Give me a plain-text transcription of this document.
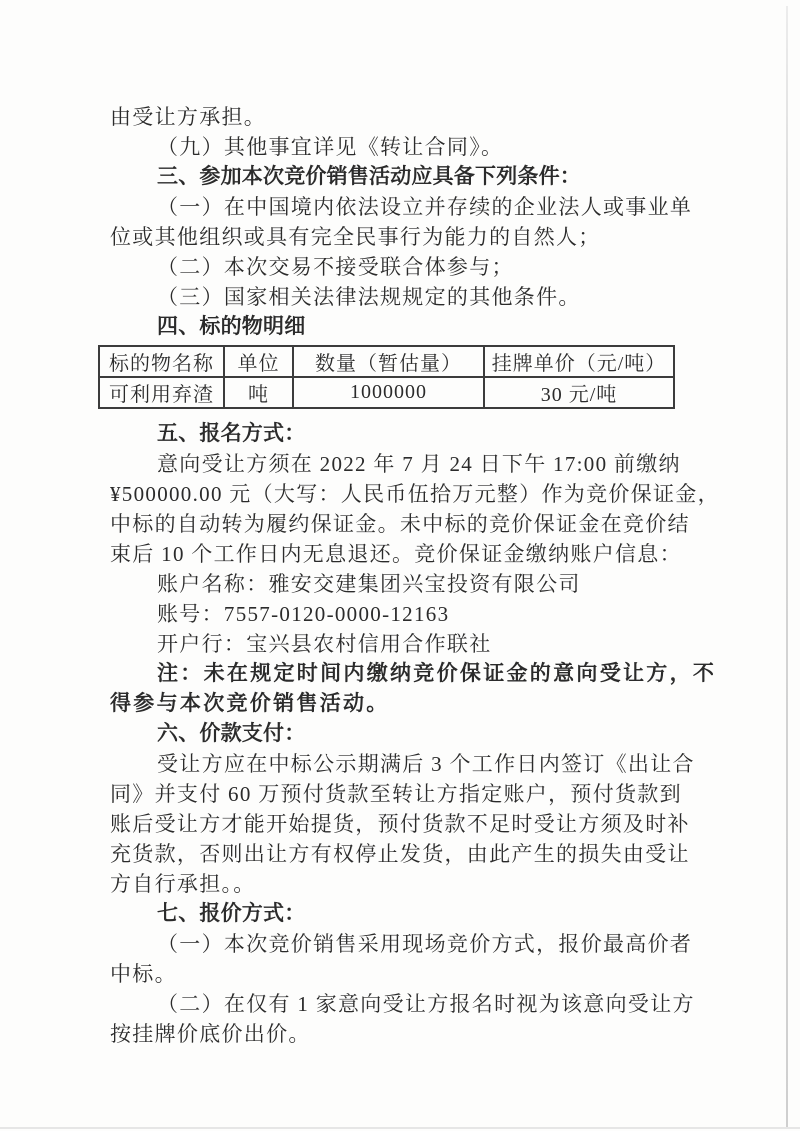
由受让方承担。
（九）其他事宜详见《转让合同》。
三、参加本次竞价销售活动应具备下列条件：
（一）在中国境内依法设立并存续的企业法人或事业单
位或其他组织或具有完全民事行为能力的自然人；
（二）本次交易不接受联合体参与；
（三）国家相关法律法规规定的其他条件。
四、标的物明细
标的物名称	单位	数量（暂估量）	挂牌单价（元/吨）
可利用弃渣	吨	1000000	30 元/吨
五、报名方式：
意向受让方须在 2022 年 7 月 24 日下午 17:00 前缴纳
¥500000.00 元（大写：人民币伍拾万元整）作为竞价保证金，
中标的自动转为履约保证金。未中标的竞价保证金在竞价结
束后 10 个工作日内无息退还。竞价保证金缴纳账户信息：
账户名称：雅安交建集团兴宝投资有限公司
账号：7557-0120-0000-12163
开户行：宝兴县农村信用合作联社
注：未在规定时间内缴纳竞价保证金的意向受让方，不
得参与本次竞价销售活动。
六、价款支付：
受让方应在中标公示期满后 3 个工作日内签订《出让合
同》并支付 60 万预付货款至转让方指定账户，预付货款到
账后受让方才能开始提货，预付货款不足时受让方须及时补
充货款，否则出让方有权停止发货，由此产生的损失由受让
方自行承担。。
七、报价方式：
（一）本次竞价销售采用现场竞价方式，报价最高价者
中标。
（二）在仅有 1 家意向受让方报名时视为该意向受让方
按挂牌价底价出价。
